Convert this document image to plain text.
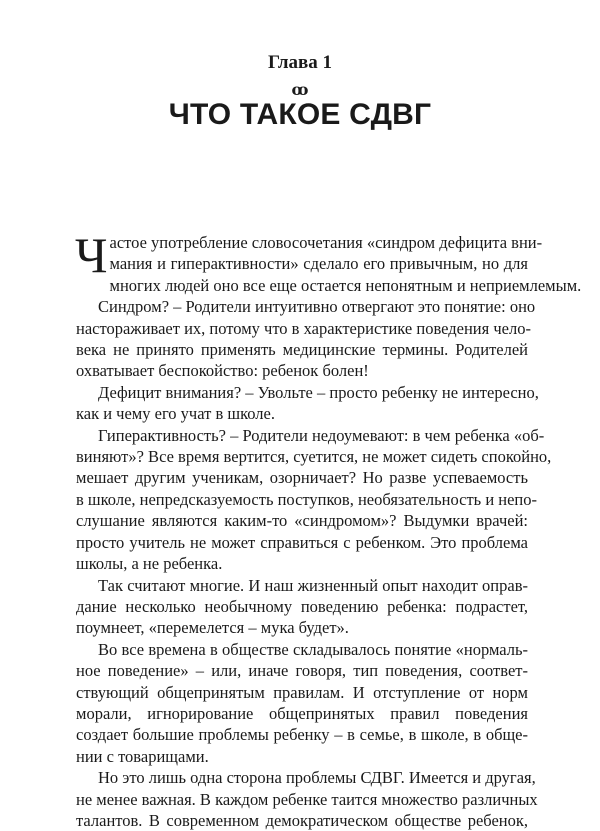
Глава 1
ꝏ
ЧТО ТАКОЕ СДВГ
Ч астое употребление словосочетания «синдром дефицита вни-
мания и гиперактивности» сделало его привычным, но для
многих людей оно все еще остается непонятным и неприемлемым.
Синдром? – Родители интуитивно отвергают это понятие: оно
настораживает их, потому что в характеристике поведения чело-
века не принято применять медицинские термины. Родителей
охватывает беспокойство: ребенок болен!
Дефицит внимания? – Увольте – просто ребенку не интересно,
как и чему его учат в школе.
Гиперактивность? – Родители недоумевают: в чем ребенка «об-
виняют»? Все время вертится, суетится, не может сидеть спокойно,
мешает другим ученикам, озорничает? Но разве успеваемость
в школе, непредсказуемость поступков, необязательность и непо-
слушание являются каким-то «синдромом»? Выдумки врачей:
просто учитель не может справиться с ребенком. Это проблема
школы, а не ребенка.
Так считают многие. И наш жизненный опыт находит оправ-
дание несколько необычному поведению ребенка: подрастет,
поумнеет, «перемелется – мука будет».
Во все времена в обществе складывалось понятие «нормаль-
ное поведение» – или, иначе говоря, тип поведения, соответ-
ствующий общепринятым правилам. И отступление от норм
морали, игнорирование общепринятых правил поведения
создает большие проблемы ребенку – в семье, в школе, в обще-
нии с товарищами.
Но это лишь одна сторона проблемы СДВГ. Имеется и другая,
не менее важная. В каждом ребенке таится множество различных
талантов. В современном демократическом обществе ребенок,
